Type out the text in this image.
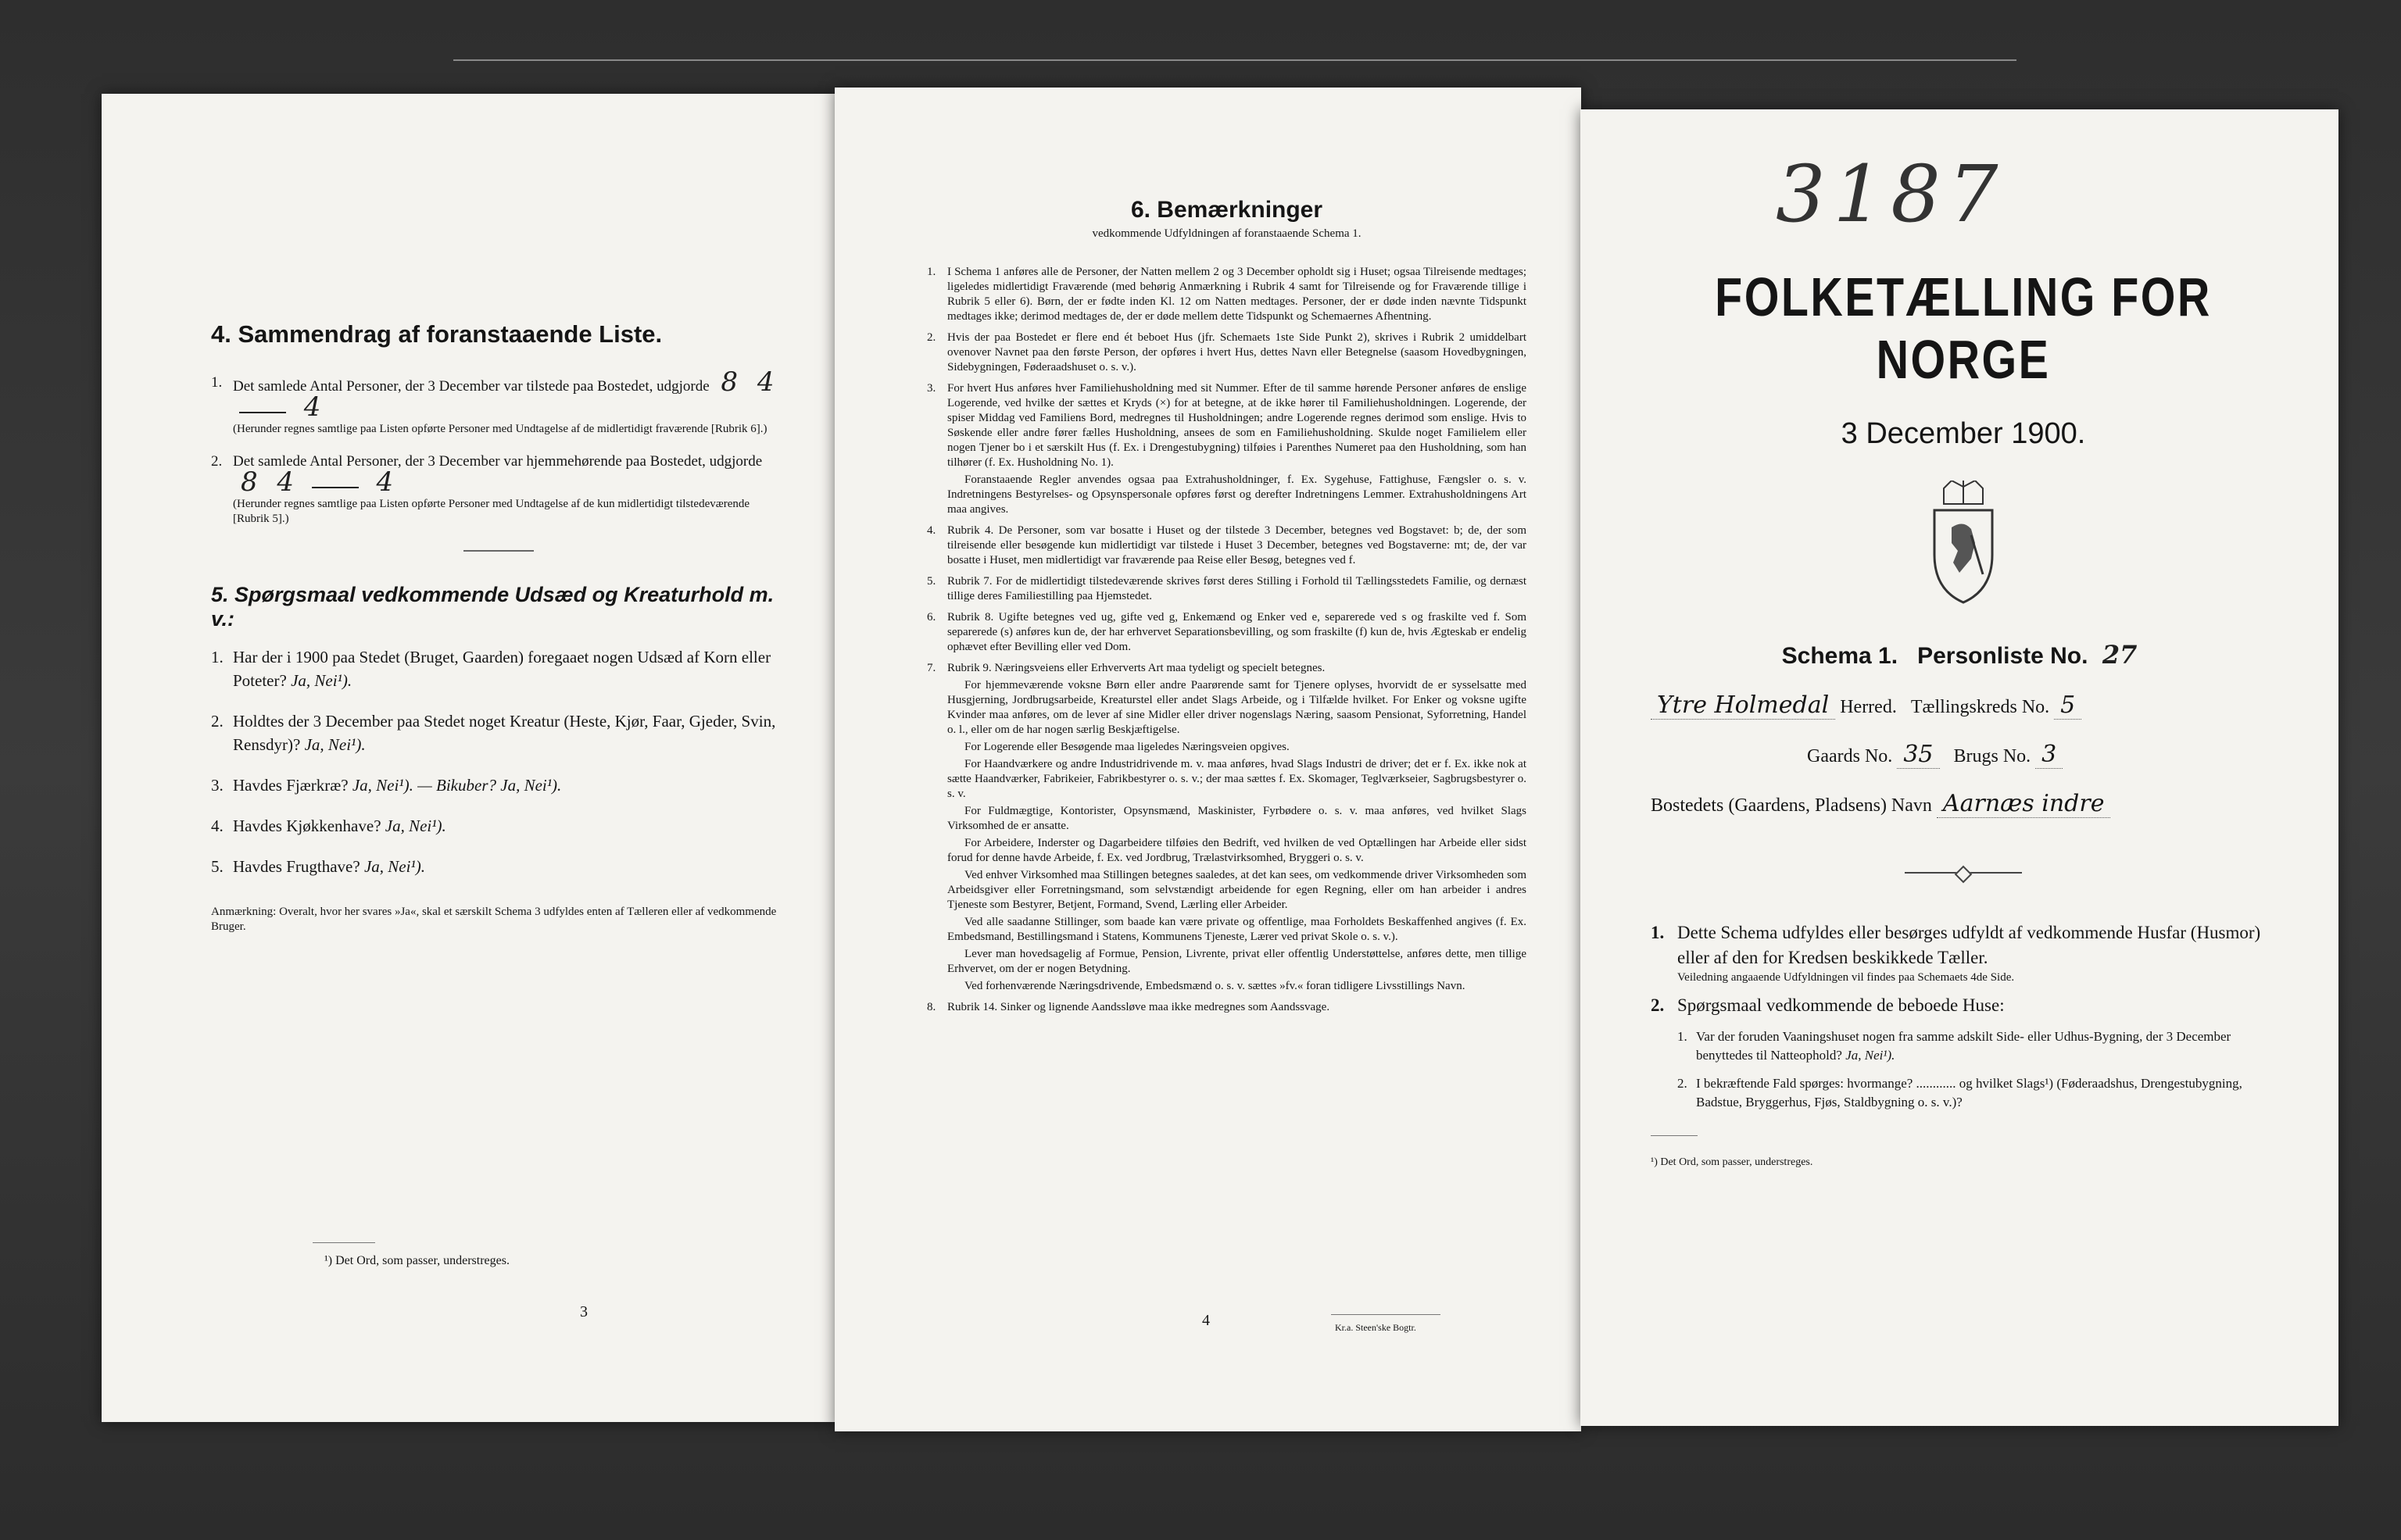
4. Sammendrag af foranstaaende Liste.
1. Det samlede Antal Personer, der 3 December var tilstede paa Bostedet, udgjorde 8 4  4
(Herunder regnes samtlige paa Listen opførte Personer med Undtagelse af de midlertidigt fraværende [Rubrik 6].)
2. Det samlede Antal Personer, der 3 December var hjemmehørende paa Bostedet, udgjorde 8 4	4
(Herunder regnes samtlige paa Listen opførte Personer med Undtagelse af de kun midlertidigt tilstedeværende [Rubrik 5].)
5. Spørgsmaal vedkommende Udsæd og Kreaturhold m. v.:
1. Har der i 1900 paa Stedet (Bruget, Gaarden) foregaaet nogen Udsæd af Korn eller Poteter? Ja, Nei¹).
2. Holdtes der 3 December paa Stedet noget Kreatur (Heste, Kjør, Faar, Gjeder, Svin, Rensdyr)? Ja, Nei¹).
3. Havdes Fjærkræ? Ja, Nei¹). — Bikuber? Ja, Nei¹).
4. Havdes Kjøkkenhave? Ja, Nei¹).
5. Havdes Frugthave? Ja, Nei¹).
Anmærkning: Overalt, hvor her svares »Ja«, skal et særskilt Schema 3 udfyldes enten af Tælleren eller af vedkommende Bruger.
¹) Det Ord, som passer, understreges.
3
6. Bemærkninger
vedkommende Udfyldningen af foranstaaende Schema 1.
1. I Schema 1 anføres alle de Personer, der Natten mellem 2 og 3 December opholdt sig i Huset; ogsaa Tilreisende medtages; ligeledes midlertidigt Fraværende (med behørig Anmærkning i Rubrik 4 samt for Tilreisende og for Fraværende tillige i Rubrik 5 eller 6). Børn, der er fødte inden Kl. 12 om Natten medtages. Personer, der er døde inden nævnte Tidspunkt medtages ikke; derimod medtages de, der er døde mellem dette Tidspunkt og Schemaernes Afhentning.

2. Hvis der paa Bostedet er flere end ét beboet Hus (jfr. Schemaets 1ste Side Punkt 2), skrives i Rubrik 2 umiddelbart ovenover Navnet paa den første Person, der opføres i hvert Hus, dettes Navn eller Betegnelse (saasom Hovedbygningen, Sidebygningen, Føderaadshuset o. s. v.).

3. For hvert Hus anføres hver Familiehusholdning med sit Nummer. Efter de til samme hørende Personer anføres de enslige Logerende, ved hvilke der sættes et Kryds (×) for at betegne, at de ikke hører til Familiehusholdningen. Logerende, der spiser Middag ved Familiens Bord, medregnes til Husholdningen; andre Logerende regnes derimod som enslige. Hvis to Søskende eller andre fører fælles Husholdning, ansees de som en Familiehusholdning. Skulde noget Familielem eller nogen Tjener bo i et særskilt Hus (f. Ex. i Drengestubygning) tilføies i Parenthes Numeret paa den Husholdning, som han tilhører (f. Ex. Husholdning No. 1).

Foranstaaende Regler anvendes ogsaa paa Extrahusholdninger, f. Ex. Sygehuse, Fattighuse, Fængsler o. s. v. Indretningens Bestyrelses- og Opsynspersonale opføres først og derefter Indretningens Lemmer. Extrahusholdningens Art maa angives.

4. Rubrik 4. De Personer, som var bosatte i Huset og der tilstede 3 December, betegnes ved Bogstavet: b; de, der som tilreisende eller besøgende kun midlertidigt var tilstede i Huset 3 December, betegnes ved Bogstaverne: mt; de, der var bosatte i Huset, men midlertidigt var fraværende paa Reise eller Besøg, betegnes ved f.

5. Rubrik 7. For de midlertidigt tilstedeværende skrives først deres Stilling i Forhold til Tællingsstedets Familie, og dernæst tillige deres Familiestilling paa Hjemstedet.

6. Rubrik 8. Ugifte betegnes ved ug, gifte ved g, Enkemænd og Enker ved e, separerede ved s og fraskilte ved f. Som separerede (s) anføres kun de, der har erhvervet Separationsbevilling, og som fraskilte (f) kun de, hvis Ægteskab er endelig ophævet efter Bevilling eller ved Dom.

7. Rubrik 9. Næringsveiens eller Erhververts Art maa tydeligt og specielt betegnes.

For hjemmeværende voksne Børn eller andre Paarørende samt for Tjenere oplyses, hvorvidt de er sysselsatte med Husgjerning, Jordbrugsarbeide, Kreaturstel eller andet Slags Arbeide, og i Tilfælde hvilket. For Enker og voksne ugifte Kvinder maa anføres, om de lever af sine Midler eller driver nogenslags Næring, saasom Pensionat, Syforretning, Handel o. l., eller om de har nogen særlig Beskjæftigelse.

For Logerende eller Besøgende maa ligeledes Næringsveien opgives.

For Haandværkere og andre Industridrivende m. v. maa anføres, hvad Slags Industri de driver; det er f. Ex. ikke nok at sætte Haandværker, Fabrikeier, Fabrikbestyrer o. s. v.; der maa sættes f. Ex. Skomager, Teglværkseier, Sagbrugsbestyrer o. s. v.

For Fuldmægtige, Kontorister, Opsynsmænd, Maskinister, Fyrbødere o. s. v. maa anføres, ved hvilket Slags Virksomhed de er ansatte.

For Arbeidere, Inderster og Dagarbeidere tilføies den Bedrift, ved hvilken de ved Optællingen har Arbeide eller sidst forud for denne havde Arbeide, f. Ex. ved Jordbrug, Trælastvirksomhed, Bryggeri o. s. v.

Ved enhver Virksomhed maa Stillingen betegnes saaledes, at det kan sees, om vedkommende driver Virksomheden som Arbeidsgiver eller Forretningsmand, som selvstændigt arbeidende for egen Regning, eller om han arbeider i andres Tjeneste som Bestyrer, Betjent, Formand, Svend, Lærling eller Arbeider.

Ved alle saadanne Stillinger, som baade kan være private og offentlige, maa Forholdets Beskaffenhed angives (f. Ex. Embedsmand, Bestillingsmand i Statens, Kommunens Tjeneste, Lærer ved privat Skole o. s. v.).

Lever man hovedsagelig af Formue, Pension, Livrente, privat eller offentlig Understøttelse, anføres dette, men tillige Erhvervet, om der er nogen Betydning.

Ved forhenværende Næringsdrivende, Embedsmænd o. s. v. sættes »fv.« foran tidligere Livsstillings Navn.

8. Rubrik 14. Sinker og lignende Aandssløve maa ikke medregnes som Aandssvage.

4	Kr.a. Steen'ske Bogtr.
3187
FOLKETÆLLING FOR NORGE
3 December 1900.
Schema 1. Personliste No. 27
Ytre Holmedal Herred. Tællingskreds No. 5
Gaards No. 35 Brugs No. 3
Bostedets (Gaardens, Pladsens) Navn Aarnæs indre
1. Dette Schema udfyldes eller besørges udfyldt af vedkommende Husfar (Husmor) eller af den for Kredsen beskikkede Tæller.
Veiledning angaaende Udfyldningen vil findes paa Schemaets 4de Side.
2. Spørgsmaal vedkommende de beboede Huse:
1. Var der foruden Vaaningshuset nogen fra samme adskilt Side- eller Udhus-Bygning, der 3 December benyttedes til Natteophold? Ja, Nei¹).
2. I bekræftende Fald spørges: hvormange? ............ og hvilket Slags¹) (Føderaadshus, Drengestubygning, Badstue, Bryggerhus, Fjøs, Staldbygning o. s. v.)?
¹) Det Ord, som passer, understreges.
